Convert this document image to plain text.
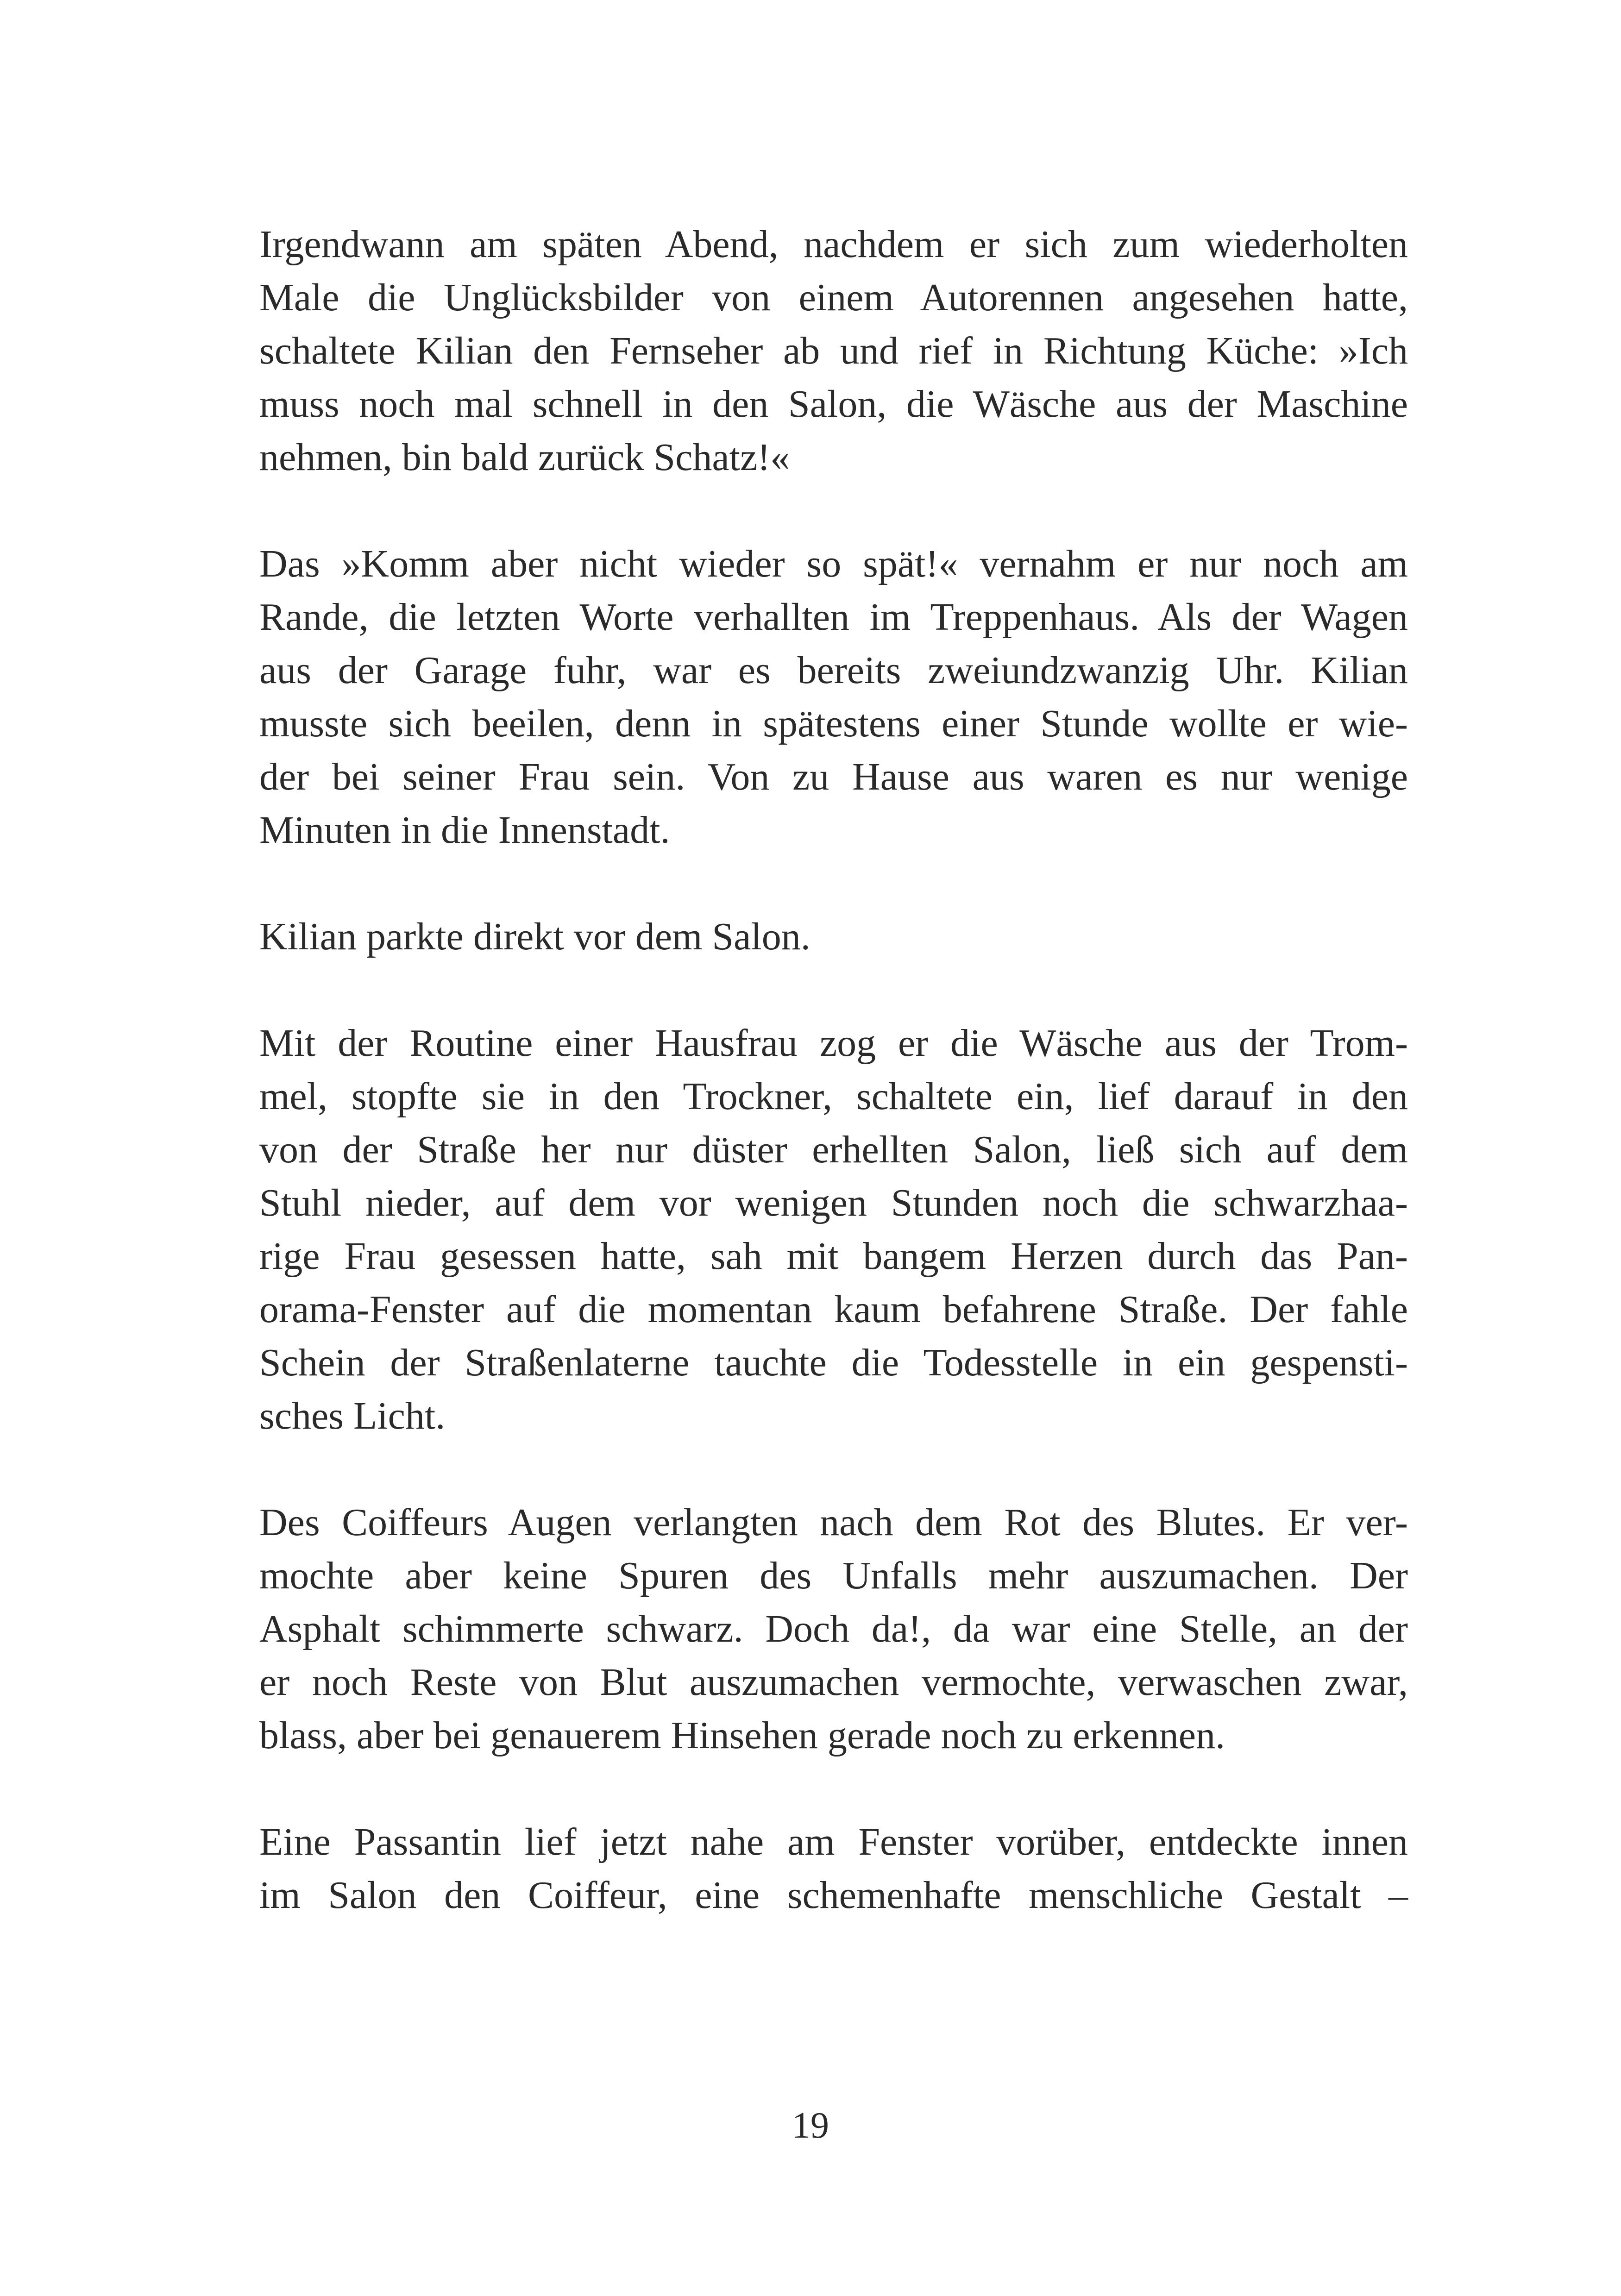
Irgendwann am späten Abend, nachdem er sich zum wiederholten
Male die Unglücksbilder von einem Autorennen angesehen hatte,
schaltete Kilian den Fernseher ab und rief in Richtung Küche: »Ich
muss noch mal schnell in den Salon, die Wäsche aus der Maschine
nehmen, bin bald zurück Schatz!«

Das »Komm aber nicht wieder so spät!« vernahm er nur noch am
Rande, die letzten Worte verhallten im Treppenhaus. Als der Wagen
aus der Garage fuhr, war es bereits zweiundzwanzig Uhr. Kilian
musste sich beeilen, denn in spätestens einer Stunde wollte er wie-
der bei seiner Frau sein. Von zu Hause aus waren es nur wenige
Minuten in die Innenstadt.

Kilian parkte direkt vor dem Salon.

Mit der Routine einer Hausfrau zog er die Wäsche aus der Trom-
mel, stopfte sie in den Trockner, schaltete ein, lief darauf in den
von der Straße her nur düster erhellten Salon, ließ sich auf dem
Stuhl nieder, auf dem vor wenigen Stunden noch die schwarzhaa-
rige Frau gesessen hatte, sah mit bangem Herzen durch das Pan-
orama-Fenster auf die momentan kaum befahrene Straße. Der fahle
Schein der Straßenlaterne tauchte die Todesstelle in ein gespensti-
sches Licht.

Des Coiffeurs Augen verlangten nach dem Rot des Blutes. Er ver-
mochte aber keine Spuren des Unfalls mehr auszumachen. Der
Asphalt schimmerte schwarz. Doch da!, da war eine Stelle, an der
er noch Reste von Blut auszumachen vermochte, verwaschen zwar,
blass, aber bei genauerem Hinsehen gerade noch zu erkennen.

Eine Passantin lief jetzt nahe am Fenster vorüber, entdeckte innen
im Salon den Coiffeur, eine schemenhafte menschliche Gestalt –

19
